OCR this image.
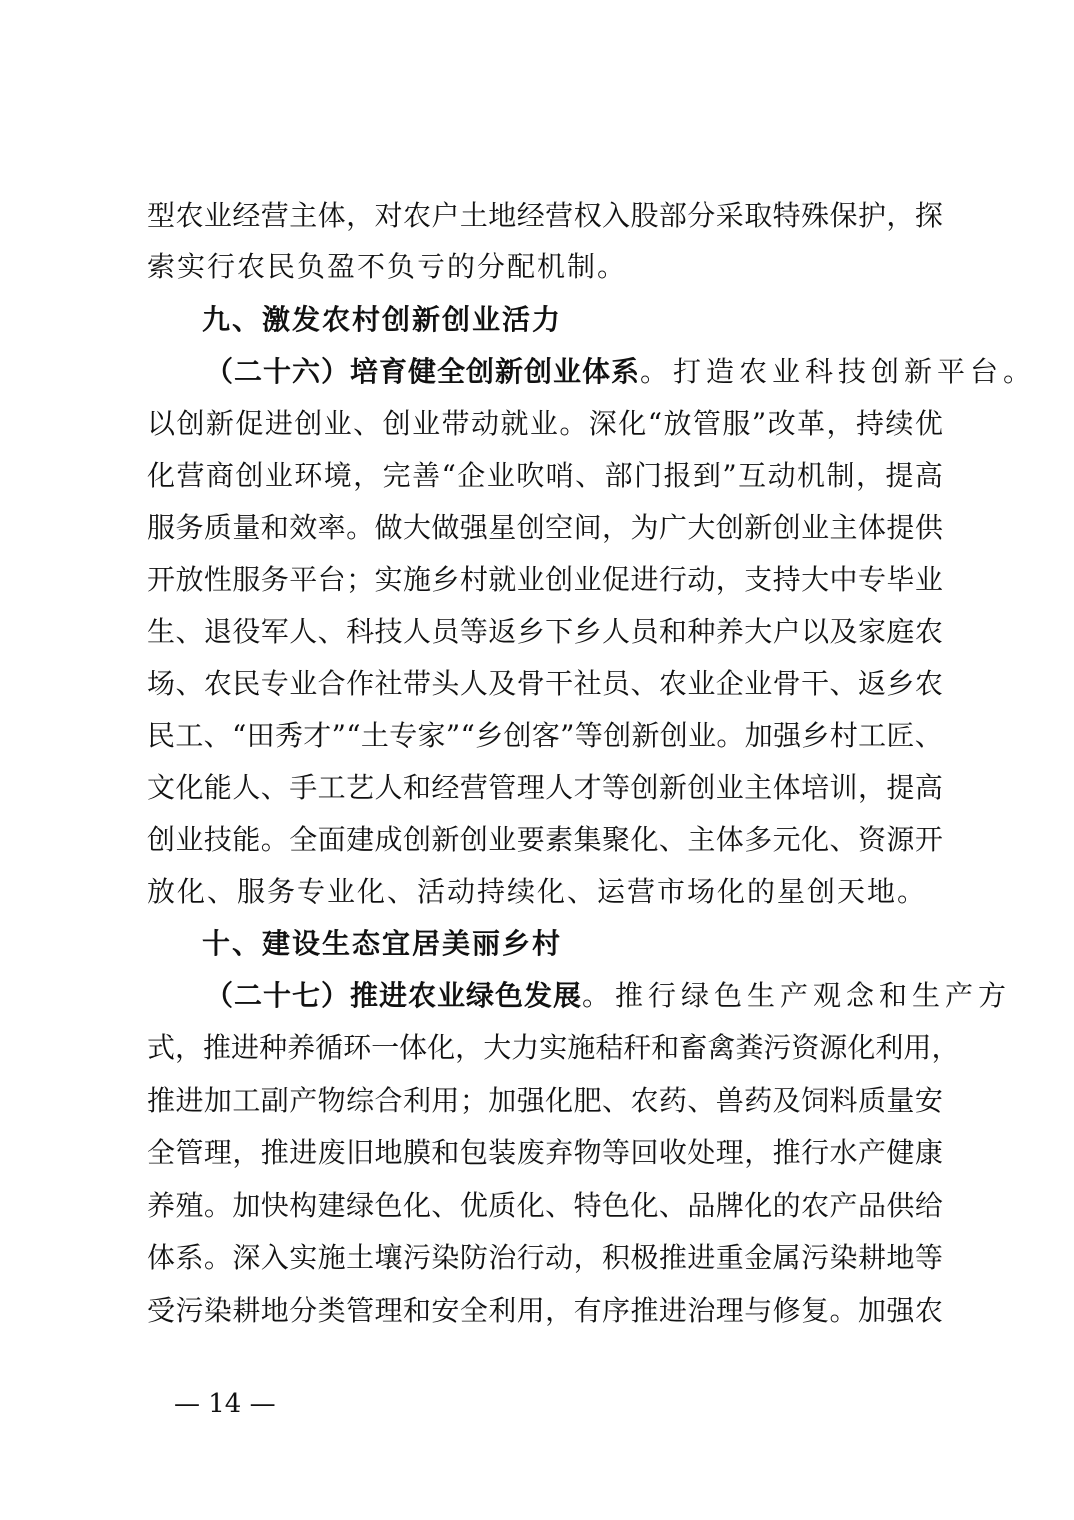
型 农 业 经 营 主 体 ， 对 农 户 土 地 经 营 权 入 股 部 分 采 取 特 殊 保 护 ， 探
索实行农民负盈不负亏的分配机制。
九、激发农村创新创业活力
（二十六）培育健全创新创业体系 。打造农业科技创新平台。
以 创 新 促 进 创 业 、 创 业 带 动 就 业 。 深 化 “ 放 管 服 ” 改 革 ， 持 续 优
化 营 商 创 业 环 境 ， 完 善 “ 企 业 吹 哨 、 部 门 报 到 ” 互 动 机 制 ， 提 高
服 务 质 量 和 效 率 。 做 大 做 强 星 创 空 间 ， 为 广 大 创 新 创 业 主 体 提 供
开 放 性 服 务 平 台 ； 实 施 乡 村 就 业 创 业 促 进 行 动 ， 支 持 大 中 专 毕 业
生 、 退 役 军 人 、 科 技 人 员 等 返 乡 下 乡 人 员 和 种 养 大 户 以 及 家 庭 农
场 、 农 民 专 业 合 作 社 带 头 人 及 骨 干 社 员 、 农 业 企 业 骨 干 、 返 乡 农
民 工 、 “ 田 秀 才 ” “ 土 专 家 ” “ 乡 创 客 ” 等 创 新 创 业 。 加 强 乡 村 工 匠 、
文 化 能 人 、 手 工 艺 人 和 经 营 管 理 人 才 等 创 新 创 业 主 体 培 训 ， 提 高
创 业 技 能 。 全 面 建 成 创 新 创 业 要 素 集 聚 化 、 主 体 多 元 化 、 资 源 开
放化、服务专业化、活动持续化、运营市场化的星创天地。
十、建设生态宜居美丽乡村
（二十七）推进农业绿色发展 。推行绿色生产观念和生产方
式 ， 推 进 种 养 循 环 一 体 化 ， 大 力 实 施 秸 秆 和 畜 禽 粪 污 资 源 化 利 用 ，
推 进 加 工 副 产 物 综 合 利 用 ； 加 强 化 肥 、 农 药 、 兽 药 及 饲 料 质 量 安
全 管 理 ， 推 进 废 旧 地 膜 和 包 装 废 弃 物 等 回 收 处 理 ， 推 行 水 产 健 康
养 殖 。 加 快 构 建 绿 色 化 、 优 质 化 、 特 色 化 、 品 牌 化 的 农 产 品 供 给
体 系 。 深 入 实 施 土 壤 污 染 防 治 行 动 ， 积 极 推 进 重 金 属 污 染 耕 地 等
受 污 染 耕 地 分 类 管 理 和 安 全 利 用 ， 有 序 推 进 治 理 与 修 复 。 加 强 农
— 14 —
